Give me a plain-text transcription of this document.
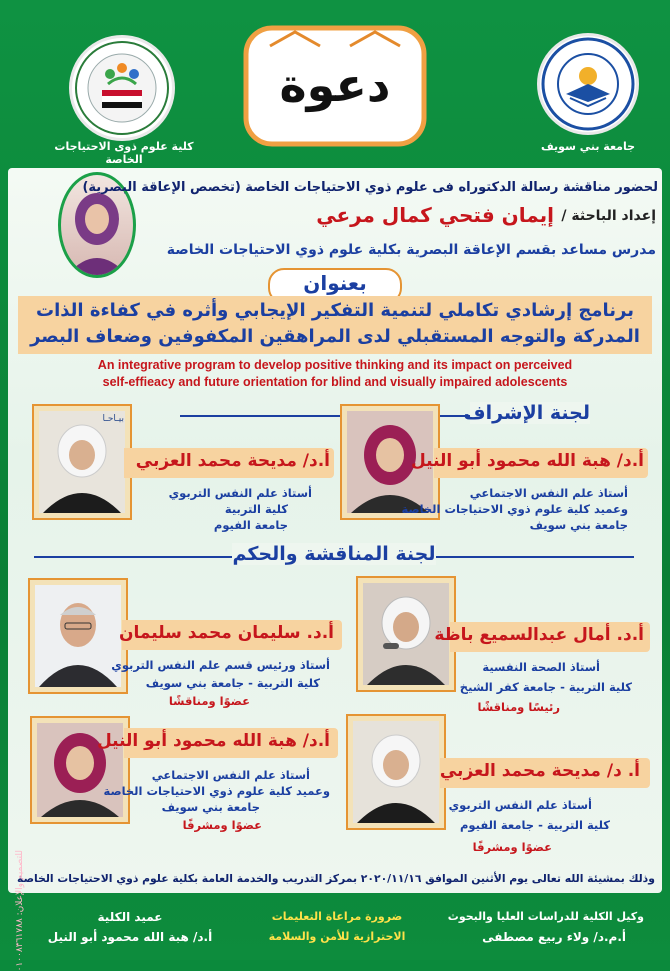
كلية علوم ذوى الاحتياجات الخاصة
دعوة
جامعة بني سويف
لحضور مناقشة رسالة الدكتوراه فى علوم ذوي الاحتياجات الخاصة (تخصص الإعاقة البصرية)
إعداد الباحثة /
إيمان فتحي كمال مرعي
مدرس مساعد بقسم الإعاقة البصرية بكلية علوم ذوي الاحتياجات الخاصة
بعنوان
برنامج إرشادي تكاملي لتنمية التفكير الإيجابي وأثره في كفاءة الذات
المدركة والتوجه المستقبلي لدى المراهقين المكفوفين وضعاف البصر
An integrative program to develop positive thinking and its impact on perceived
self-effieacy and future orientation for blind and visually impaired adolescents
لجنة الإشراف
أ.د/ هبة الله محمود أبو النيل
أستاذ علم النفس الاجتماعي
وعميد كلية علوم ذوي الاحتياجات الخاصة
جامعة بني سويف
بيـاحـا
أ.د/ مديحة محمد العزبي
أستاذ علم النفس التربوي
كلية التربية
جامعة الفيوم
لجنة المناقشة والحكم
أ.د. أمال عبدالسميع باظة
أستاذ الصحة النفسية
كلية التربية - جامعة كفر الشيخ
رئيسًا ومناقشًا
أ.د. سليمان محمد سليمان
أستاذ ورئيس قسم علم النفس التربوي
كلية التربية - جامعة بني سويف
عضوًا ومناقشًا
أ. د/ مديحة محمد العزبي
أستاذ علم النفس التربوي
كلية التربية - جامعة الفيوم
عضوًا ومشرفًا
أ.د/ هبة الله محمود أبو النيل
أستاذ علم النفس الاجتماعي
وعميد كلية علوم ذوي الاحتياجات الخاصة
جامعة بني سويف
عضوًا ومشرفًا
وذلك بمشيئة الله تعالى يوم الأثنين الموافق ٢٠٢٠/١١/١٦ بمركز التدريب والخدمة العامة بكلية علوم ذوي الاحتياجات الخاصة
وكيل الكلية للدراسات العليا والبحوث
أ.م.د/ ولاء ربيع مصطفى
ضرورة مراعاة التعليمات
الاحترازية للأمن والسلامة
عميد الكلية
أ.د/ هبة الله محمود أبو النيل
للتصميم والإعلان: ٠١٠٠٨٣٦١٧٨٨
